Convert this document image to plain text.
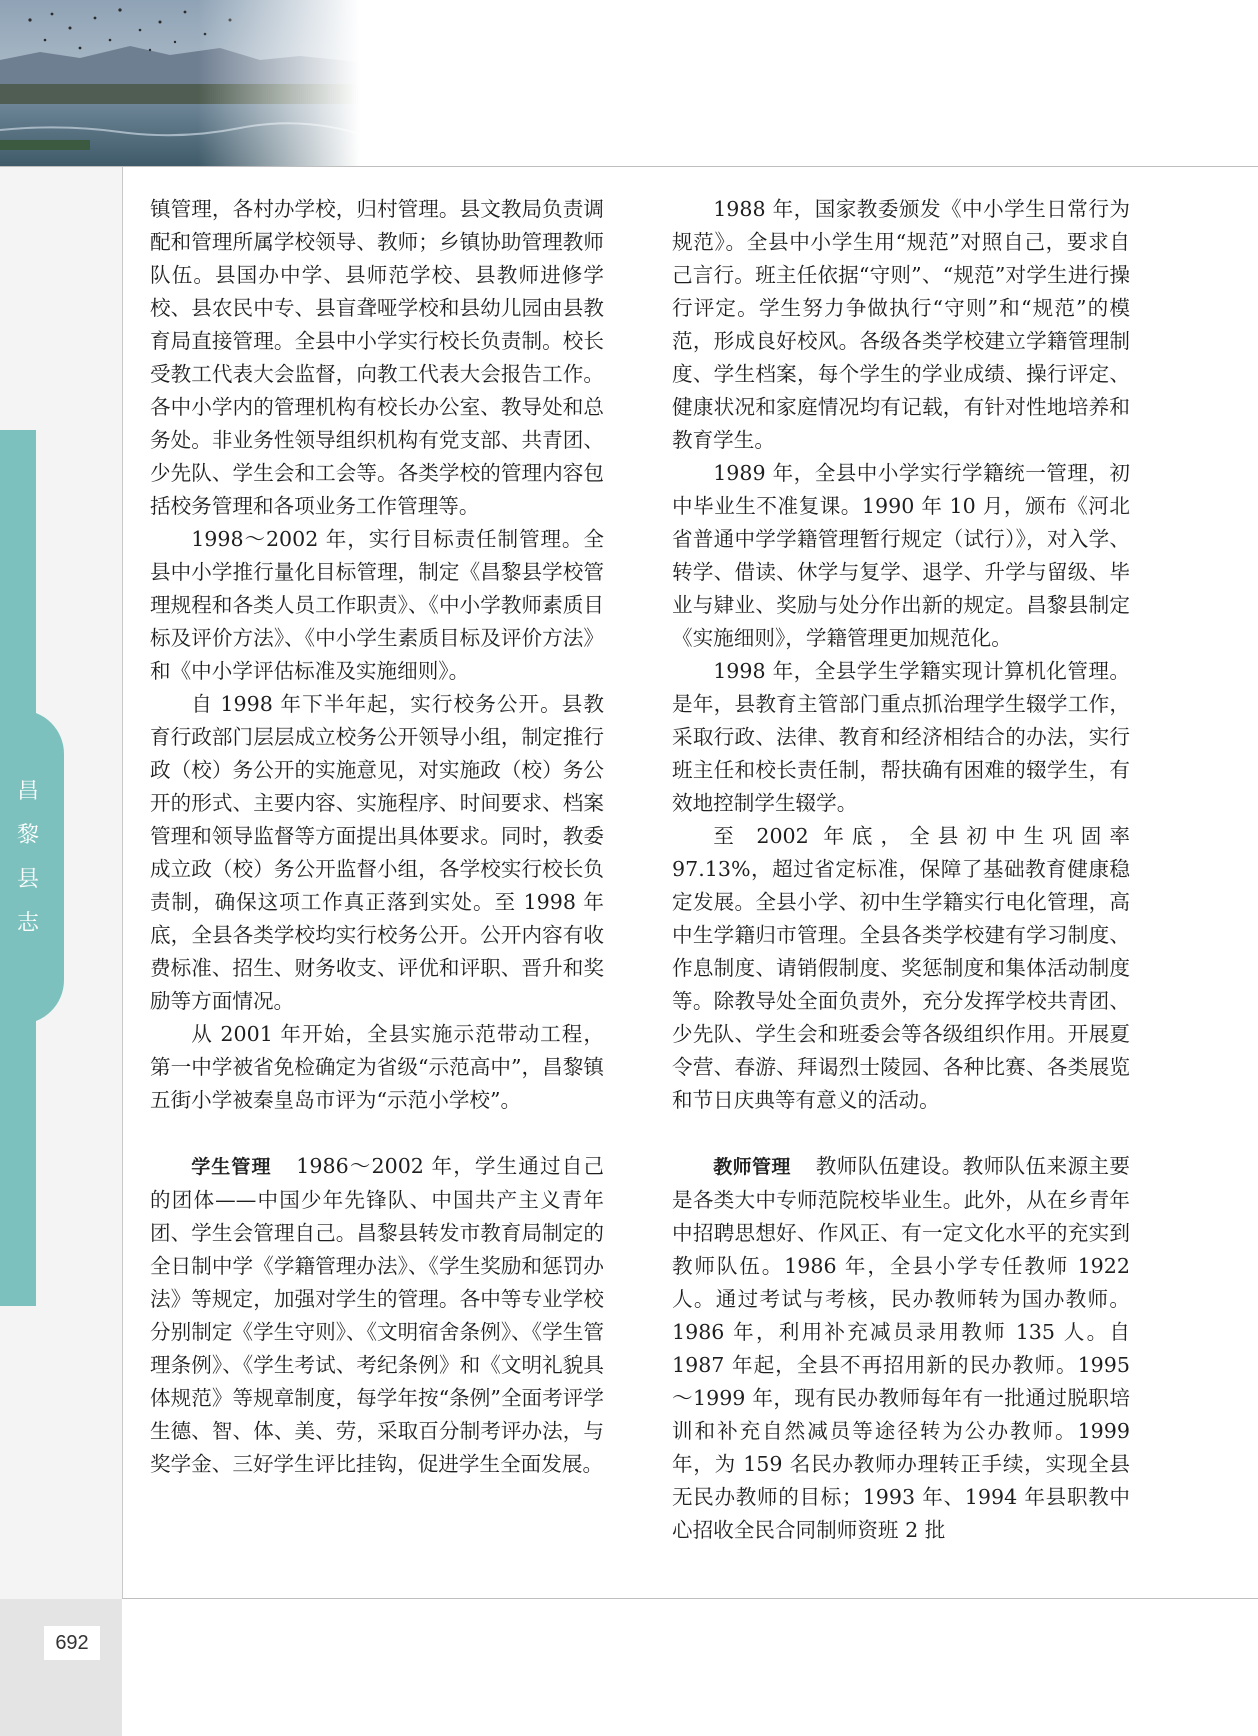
昌
黎
县
志

镇管理，各村办学校，归村管理。县文教局负责调配和管理所属学校领导、教师；乡镇协助管理教师队伍。县国办中学、县师范学校、县教师进修学校、县农民中专、县盲聋哑学校和县幼儿园由县教育局直接管理。全县中小学实行校长负责制。校长受教工代表大会监督，向教工代表大会报告工作。各中小学内的管理机构有校长办公室、教导处和总务处。非业务性领导组织机构有党支部、共青团、少先队、学生会和工会等。各类学校的管理内容包括校务管理和各项业务工作管理等。

1998～2002 年，实行目标责任制管理。全县中小学推行量化目标管理，制定《昌黎县学校管理规程和各类人员工作职责》、《中小学教师素质目标及评价方法》、《中小学生素质目标及评价方法》和《中小学评估标准及实施细则》。

自 1998 年下半年起，实行校务公开。县教育行政部门层层成立校务公开领导小组，制定推行政（校）务公开的实施意见，对实施政（校）务公开的形式、主要内容、实施程序、时间要求、档案管理和领导监督等方面提出具体要求。同时，教委成立政（校）务公开监督小组，各学校实行校长负责制，确保这项工作真正落到实处。至 1998 年底，全县各类学校均实行校务公开。公开内容有收费标准、招生、财务收支、评优和评职、晋升和奖励等方面情况。

从 2001 年开始，全县实施示范带动工程，第一中学被省免检确定为省级“示范高中”，昌黎镇五街小学被秦皇岛市评为“示范小学校”。

学生管理 1986～2002 年，学生通过自己的团体——中国少年先锋队、中国共产主义青年团、学生会管理自己。昌黎县转发市教育局制定的全日制中学《学籍管理办法》、《学生奖励和惩罚办法》等规定，加强对学生的管理。各中等专业学校分别制定《学生守则》、《文明宿舍条例》、《学生管理条例》、《学生考试、考纪条例》和《文明礼貌具体规范》等规章制度，每学年按“条例”全面考评学生德、智、体、美、劳，采取百分制考评办法，与奖学金、三好学生评比挂钩，促进学生全面发展。

1988 年，国家教委颁发《中小学生日常行为规范》。全县中小学生用“规范”对照自己，要求自己言行。班主任依据“守则”、“规范”对学生进行操行评定。学生努力争做执行“守则”和“规范”的模范，形成良好校风。各级各类学校建立学籍管理制度、学生档案，每个学生的学业成绩、操行评定、健康状况和家庭情况均有记载，有针对性地培养和教育学生。

1989 年，全县中小学实行学籍统一管理，初中毕业生不准复课。1990 年 10 月，颁布《河北省普通中学学籍管理暂行规定（试行）》，对入学、转学、借读、休学与复学、退学、升学与留级、毕业与肄业、奖励与处分作出新的规定。昌黎县制定《实施细则》，学籍管理更加规范化。

1998 年，全县学生学籍实现计算机化管理。是年，县教育主管部门重点抓治理学生辍学工作，采取行政、法律、教育和经济相结合的办法，实行班主任和校长责任制，帮扶确有困难的辍学生，有效地控制学生辍学。

至 2002 年底，全县初中生巩固率 97.13%，超过省定标准，保障了基础教育健康稳定发展。全县小学、初中生学籍实行电化管理，高中生学籍归市管理。全县各类学校建有学习制度、作息制度、请销假制度、奖惩制度和集体活动制度等。除教导处全面负责外，充分发挥学校共青团、少先队、学生会和班委会等各级组织作用。开展夏令营、春游、拜谒烈士陵园、各种比赛、各类展览和节日庆典等有意义的活动。

教师管理 教师队伍建设。教师队伍来源主要是各类大中专师范院校毕业生。此外，从在乡青年中招聘思想好、作风正、有一定文化水平的充实到教师队伍。1986 年，全县小学专任教师 1922 人。通过考试与考核，民办教师转为国办教师。1986 年，利用补充减员录用教师 135 人。自 1987 年起，全县不再招用新的民办教师。1995～1999 年，现有民办教师每年有一批通过脱职培训和补充自然减员等途径转为公办教师。1999 年，为 159 名民办教师办理转正手续，实现全县无民办教师的目标；1993 年、1994 年县职教中心招收全民合同制师资班 2 批

692
